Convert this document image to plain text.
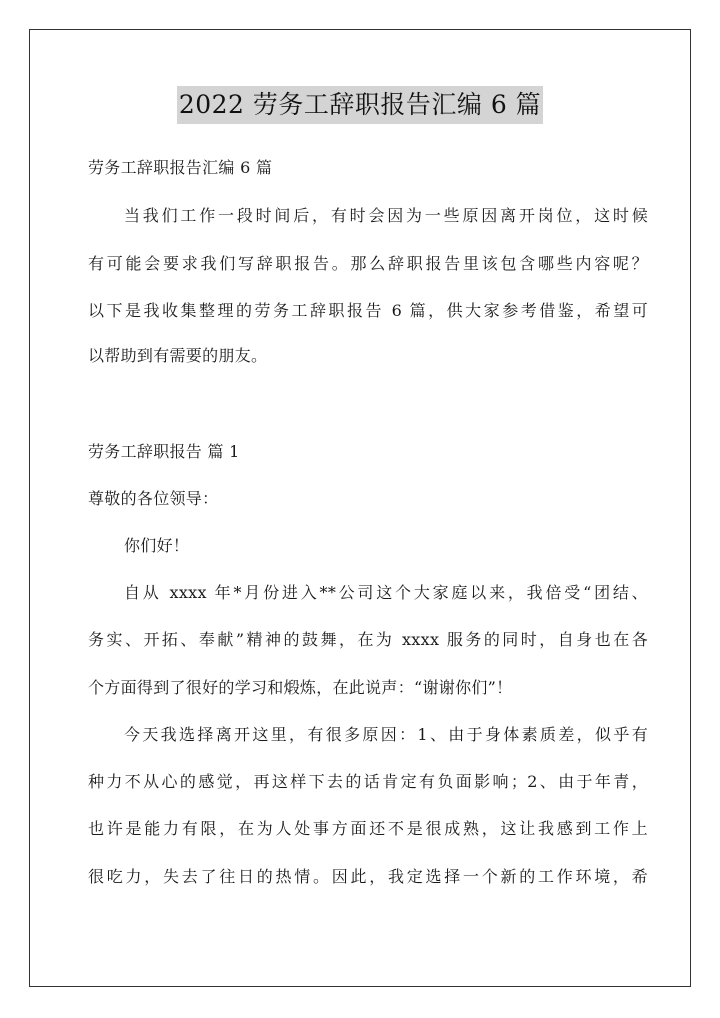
2022 劳务工辞职报告汇编 6 篇
劳务工辞职报告汇编 6 篇
当我们工作一段时间后，有时会因为一些原因离开岗位，这时候
有可能会要求我们写辞职报告。那么辞职报告里该包含哪些内容呢？
以下是我收集整理的劳务工辞职报告 6 篇，供大家参考借鉴，希望可
以帮助到有需要的朋友。
劳务工辞职报告 篇 1
尊敬的各位领导：
你们好！
自从 xxxx 年*月份进入**公司这个大家庭以来，我倍受“团结、
务实、开拓、奉献”精神的鼓舞，在为 xxxx 服务的同时，自身也在各
个方面得到了很好的学习和煅炼，在此说声：“谢谢你们”！
今天我选择离开这里，有很多原因：1、由于身体素质差，似乎有
种力不从心的感觉，再这样下去的话肯定有负面影响；2、由于年青，
也许是能力有限，在为人处事方面还不是很成熟，这让我感到工作上
很吃力，失去了往日的热情。因此，我定选择一个新的工作环境，希
